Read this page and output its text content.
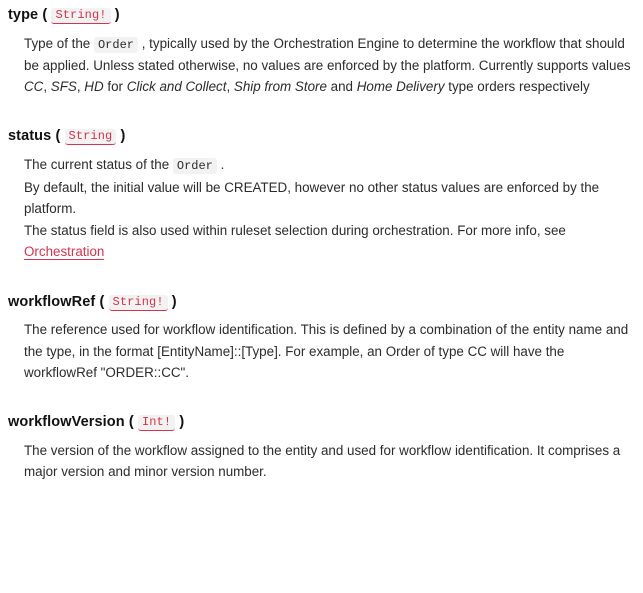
type ( String! )

Type of the Order , typically used by the Orchestration Engine to determine the workflow that should be applied. Unless stated otherwise, no values are enforced by the platform. Currently supports values CC, SFS, HD for Click and Collect, Ship from Store and Home Delivery type orders respectively

status ( String )

The current status of the Order .

By default, the initial value will be CREATED, however no other status values are enforced by the platform.

The status field is also used within ruleset selection during orchestration. For more info, see Orchestration

workflowRef ( String! )

The reference used for workflow identification. This is defined by a combination of the entity name and the type, in the format [EntityName]::[Type]. For example, an Order of type CC will have the workflowRef "ORDER::CC".

workflowVersion ( Int! )

The version of the workflow assigned to the entity and used for workflow identification. It comprises a major version and minor version number.
